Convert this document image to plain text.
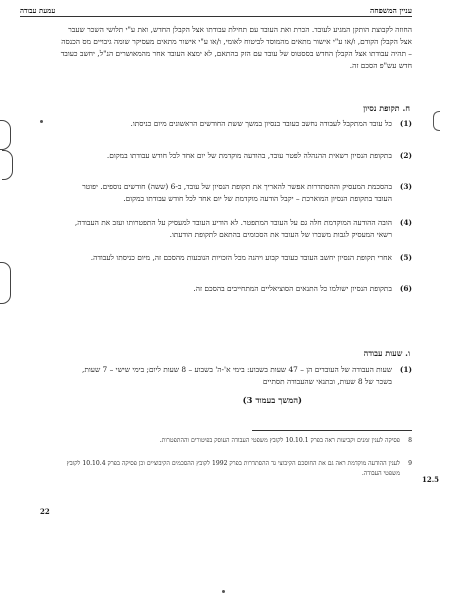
עניין המשפחה
עמעת עבודה
החוזה לקבוצת הותקן המגיע לעובד. הכרת ואת העובד עם תחילת עבודתו אצל הקבלן החדש, ואת ע"י תלושי השכר שעבר אצל הקבלן הקודם, ו/או ע"י אישור מתאים מהמוסד לביטוח לאומי, ו/או ע"י אישור מתאים מעסיקר שומה גיבויים מס הכנסה – תהיה עבודתו אצל הקבלן החדש בססטוס של עובד עם הזק בהתאם, לא ימצא העובד אחר מהמאושרים הנ"ל, יחשב כעובד חדש עש"פ הסכם זה.
ח. תקופת נסיון
(1)
כל עובד המתקבל לעבודה נחשב כעובד בנסיון במשך ששת החודשים הראשונים מיום כניסתו.
(2)
בתקופת הנסיון רשאית ההנהלה לפטר עובד, בהודעה מוקדמת של יום אחד לכל חודש עבודתו במקום.
(3)
בהסכמת המעסיק וההסתדרות אפשר להאריך את תקופת הנסיון של עובד, ב-6 (ששה) חודשים נוספים. יפוטר העובד בתקופת הנסיון המוארכת – יקבל הודעה מוקדמת של יום אחד לכל חודש עבודתו במקום.
(4)
הובה ההודעה המוקדמת חלה גם על העובד המתפטר. לא הודיע העובד למעסיק על התפטרותו ועזב את העבודה, רשאי המעסיק לגבות משכרו של העובד את הסכומים בהתאם לתקופת הודעתו.
(5)
אחרי תקופת הנסיון יחשב העובד כעובד קבוע ויהנה מכל הזכויות הנובעות מהסכם זה, מיום כניסתו לעבודה.
(6)
בתקופת הנסיון ישולמו כל התנאים הסוציאליים המתחייבים בהסכם זה.
ו. שעות עבודה
(1)
שעות העבודה של העובדים הן – 47 שעות בשבוע: בימי א'-ה' בשבוע – 8 שעות ליום; בימי שישי – 7 שעות, בשכר של 8 שעות, ובתנאי שהעבודה תסתיים
(המשך בעמוד 3)
8
פסיקה לענין זמנים וקביעות ראה בפרק 10.10.1 לקובץ משפטי העבודה העוסק בפיטורים וההתפטרות.
9
לענין ההודעה מוקדמת ראה גם את החוסכם הקיבוצי גד ההסתדרות בפרק 1992 לקובץ ההסכמים הקיבוציים וכן פסיקה בפרק 10.10.4 לקובץ משפטי העבודה.
22
12.5
